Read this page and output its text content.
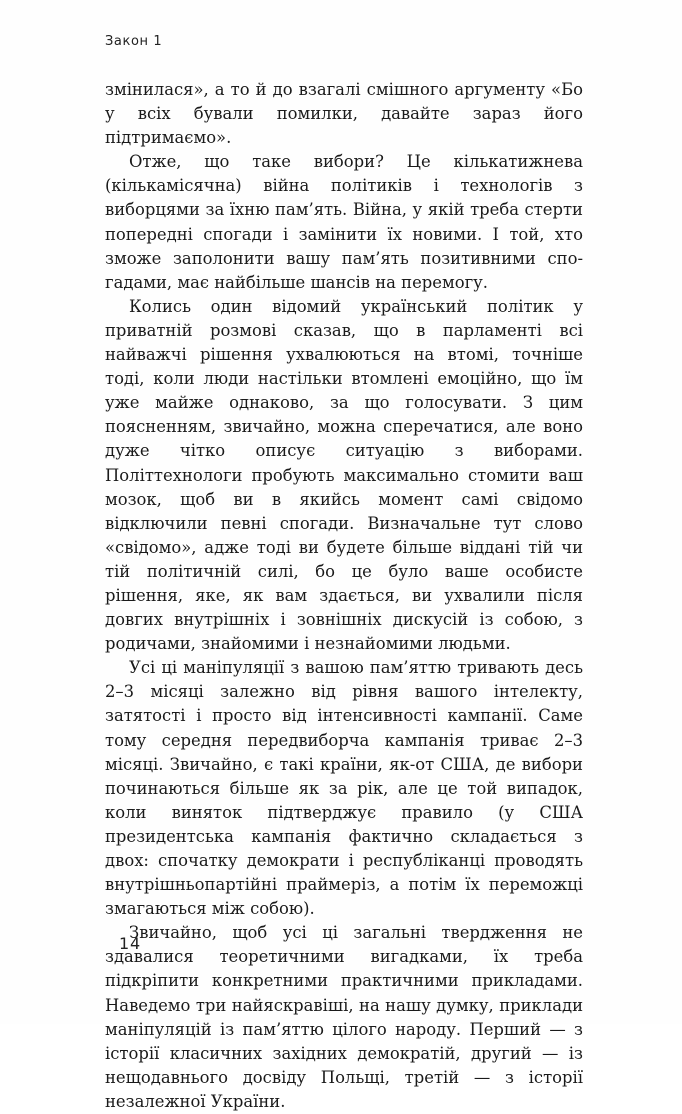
Закон 1

змінилася», а то й до взагалі смішного аргументу «Бо у всіх бували помилки, давайте зараз його підтримаємо».

Отже, що таке вибори? Це кількатижнева (кількамісячна) війна політиків і технологів з виборцями за їхню пам’ять. Війна, у якій треба стерти попередні спогади і замінити їх новими. І той, хто зможе заполонити вашу пам’ять позитивними спогадами, має найбільше шансів на перемогу.

Колись один відомий український політик у приватній розмові сказав, що в парламенті всі найважчі рішення ухвалюються на втомі, точніше тоді, коли люди настільки втомлені емоційно, що їм уже майже однаково, за що голосувати. З цим поясненням, звичайно, можна сперечатися, але воно дуже чітко описує ситуацію з виборами. Політтехнологи пробують максимально стомити ваш мозок, щоб ви в якийсь момент самі свідомо відключили певні спогади. Визначальне тут слово «свідомо», адже тоді ви будете більше віддані тій чи тій політичній силі, бо це було ваше особисте рішення, яке, як вам здається, ви ухвалили після довгих внутрішніх і зовнішніх дискусій із собою, з родичами, знайомими і незнайомими людьми.

Усі ці маніпуляції з вашою пам’яттю тривають десь 2–3 місяці залежно від рівня вашого інтелекту, затятості і просто від інтенсивності кампанії. Саме тому середня передвиборча кампанія триває 2–3 місяці. Звичайно, є такі країни, як-от США, де вибори починаються більше як за рік, але це той випадок, коли виняток підтверджує правило (у США президентська кампанія фактично складається з двох: спочатку демократи і республіканці проводять внутрішньопартійні праймеріз, а потім їх переможці змагаються між собою).

Звичайно, щоб усі ці загальні твердження не здавалися теоретичними вигадками, їх треба підкріпити конкретними практичними прикладами. Наведемо три найяскравіші, на нашу думку, приклади маніпуляцій із пам’яттю цілого народу. Перший — з історії класичних західних демократій, другий — із нещодавнього досвіду Польщі, третій — з історії незалежної України.

14
